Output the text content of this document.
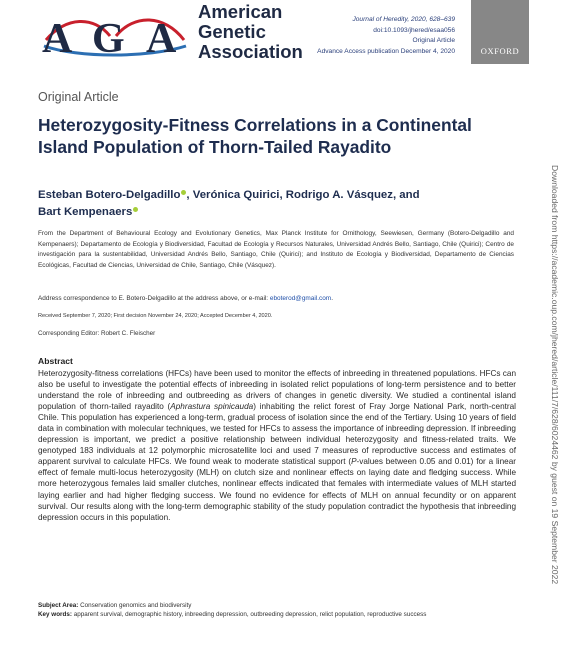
A G A
American
Genetic
Association
Journal of Heredity, 2020, 628–639
doi:10.1093/jhered/esaa056
Original Article
Advance Access publication December 4, 2020	OXFORD
Downloaded from https://academic.oup.com/jhered/article/111/7/628/6024462 by guest on 19 September 2022
Original Article
Heterozygosity-Fitness Correlations in a Continental Island Population of Thorn-Tailed Rayadito
Esteban Botero-Delgadillo , Verónica Quirici, Rodrigo A. Vásquez, and
Bart Kempenaers
From the Department of Behavioural Ecology and Evolutionary Genetics, Max Planck Institute for Ornithology, Seewiesen, Germany (Botero-Delgadillo and Kempenaers); Departamento de Ecología y Biodiversidad, Facultad de Ecología y Recursos Naturales, Universidad Andrés Bello, Santiago, Chile (Quirici); Centro de investigación para la sustentabilidad, Universidad Andrés Bello, Santiago, Chile (Quirici); and Instituto de Ecología y Biodiversidad, Departamento de Ciencias Ecológicas, Facultad de Ciencias, Universidad de Chile, Santiago, Chile (Vásquez).
Address correspondence to E. Botero-Delgadillo at the address above, or e-mail: eboterod@gmail.com.
Received September 7, 2020; First decision November 24, 2020; Accepted December 4, 2020.
Corresponding Editor: Robert C. Fleischer
Abstract
Heterozygosity-fitness correlations (HFCs) have been used to monitor the effects of inbreeding in threatened populations. HFCs can also be useful to investigate the potential effects of inbreeding in isolated relict populations of long-term persistence and to better understand the role of inbreeding and outbreeding as drivers of changes in genetic diversity. We studied a continental island population of thorn-tailed rayadito (Aphrastura spinicauda) inhabiting the relict forest of Fray Jorge National Park, north-central Chile. This population has experienced a long-term, gradual process of isolation since the end of the Tertiary. Using 10 years of field data in combination with molecular techniques, we tested for HFCs to assess the importance of inbreeding depression. If inbreeding depression is important, we predict a positive relationship between individual heterozygosity and fitness-related traits. We genotyped 183 individuals at 12 polymorphic microsatellite loci and used 7 measures of reproductive success and estimates of apparent survival to calculate HFCs. We found weak to moderate statistical support (P-values between 0.05 and 0.01) for a linear effect of female multi-locus heterozygosity (MLH) on clutch size and nonlinear effects on laying date and fledging success. While more heterozygous females laid smaller clutches, nonlinear effects indicated that females with intermediate values of MLH started laying earlier and had higher fledging success. We found no evidence for effects of MLH on annual fecundity or on apparent survival. Our results along with the long-term demographic stability of the study population contradict the hypothesis that inbreeding depression occurs in this population.
Subject Area: Conservation genomics and biodiversity
Key words: apparent survival, demographic history, inbreeding depression, outbreeding depression, relict population, reproductive success
